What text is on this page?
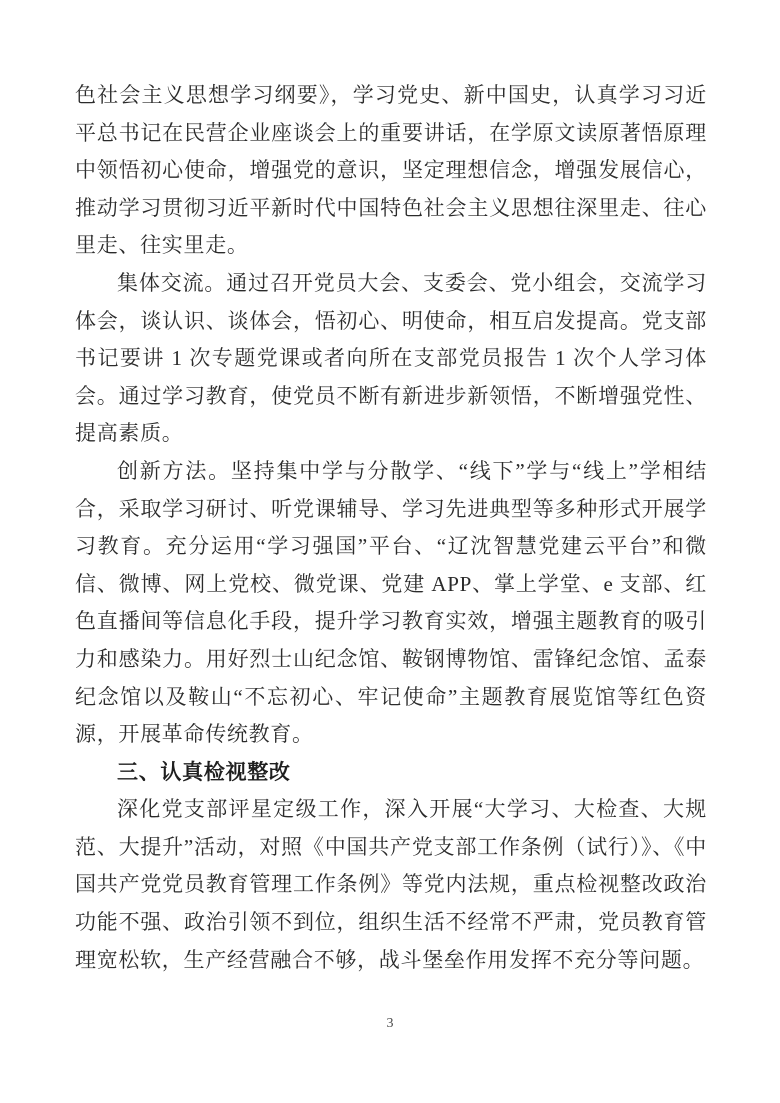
色社会主义思想学习纲要》，学习党史、新中国史，认真学习习近平总书记在民营企业座谈会上的重要讲话，在学原文读原著悟原理中领悟初心使命，增强党的意识，坚定理想信念，增强发展信心，推动学习贯彻习近平新时代中国特色社会主义思想往深里走、往心里走、往实里走。

集体交流。通过召开党员大会、支委会、党小组会，交流学习体会，谈认识、谈体会，悟初心、明使命，相互启发提高。党支部书记要讲 1 次专题党课或者向所在支部党员报告 1 次个人学习体会。通过学习教育，使党员不断有新进步新领悟，不断增强党性、提高素质。

创新方法。坚持集中学与分散学、“线下”学与“线上”学相结合，采取学习研讨、听党课辅导、学习先进典型等多种形式开展学习教育。充分运用“学习强国”平台、“辽沈智慧党建云平台”和微信、微博、网上党校、微党课、党建 APP、掌上学堂、e 支部、红色直播间等信息化手段，提升学习教育实效，增强主题教育的吸引力和感染力。用好烈士山纪念馆、鞍钢博物馆、雷锋纪念馆、孟泰纪念馆以及鞍山“不忘初心、牢记使命”主题教育展览馆等红色资源，开展革命传统教育。

三、认真检视整改

深化党支部评星定级工作，深入开展“大学习、大检查、大规范、大提升”活动，对照《中国共产党支部工作条例（试行）》、《中国共产党党员教育管理工作条例》等党内法规，重点检视整改政治功能不强、政治引领不到位，组织生活不经常不严肃，党员教育管理宽松软，生产经营融合不够，战斗堡垒作用发挥不充分等问题。

3
